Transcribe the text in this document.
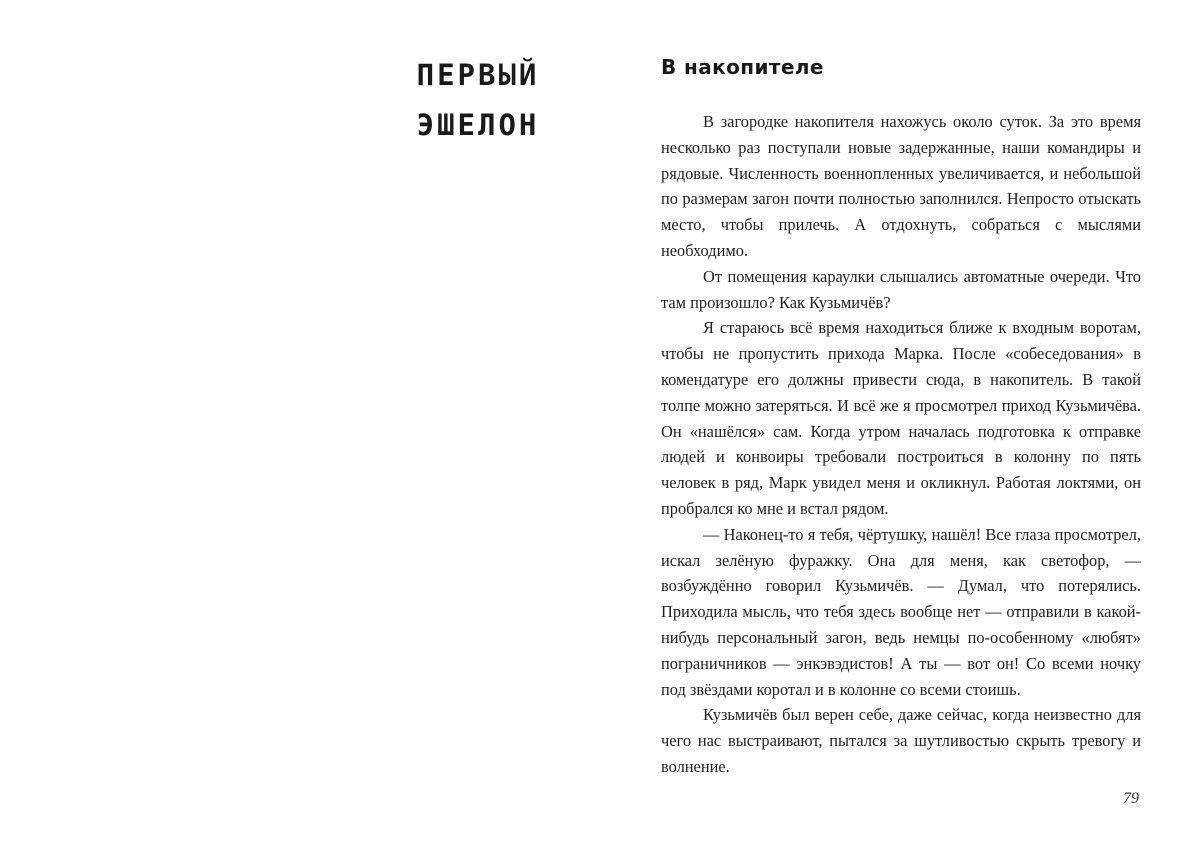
ПЕРВЫЙ
ЭШЕЛОН
В накопителе

В загородке накопителя нахожусь около суток. За это время несколько раз поступали новые задержанные, наши командиры и рядовые. Численность военнопленных увеличивается, и небольшой по размерам загон почти полностью заполнился. Непросто отыскать место, чтобы прилечь. А отдохнуть, собраться с мыслями необходимо.

От помещения караулки слышались автоматные очереди. Что там произошло? Как Кузьмичёв?

Я стараюсь всё время находиться ближе к входным воротам, чтобы не пропустить прихода Марка. После «собеседования» в комендатуре его должны привести сюда, в накопитель. В такой толпе можно затеряться. И всё же я просмотрел приход Кузьмичёва. Он «нашёлся» сам. Когда утром началась подготовка к отправке людей и конвоиры требовали построиться в колонну по пять человек в ряд, Марк увидел меня и окликнул. Работая локтями, он пробрался ко мне и встал рядом.

— Наконец-то я тебя, чёртушку, нашёл! Все глаза просмотрел, искал зелёную фуражку. Она для меня, как светофор, — возбуждённо говорил Кузьмичёв. — Думал, что потерялись. Приходила мысль, что тебя здесь вообще нет — отправили в какой-нибудь персональный загон, ведь немцы по-особенному «любят» пограничников — энкэвэдистов! А ты — вот он! Со всеми ночку под звёздами коротал и в колонне со всеми стоишь.

Кузьмичёв был верен себе, даже сейчас, когда неизвестно для чего нас выстраивают, пытался за шутливостью скрыть тревогу и волнение.

79
